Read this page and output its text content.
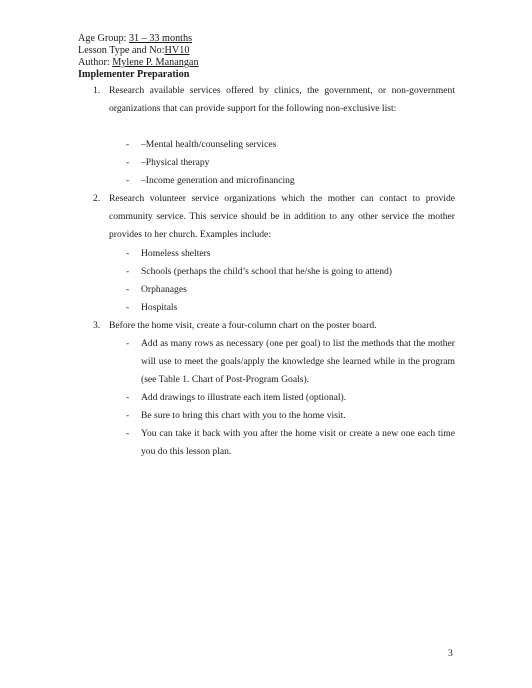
Age Group: 31 – 33 months
Lesson Type and No:HV10
Author: Mylene P. Manangan
Implementer Preparation
1. Research available services offered by clinics, the government, or non-government organizations that can provide support for the following non-exclusive list:
- –Mental health/counseling services
- –Physical therapy
- –Income generation and microfinancing
2. Research volunteer service organizations which the mother can contact to provide community service. This service should be in addition to any other service the mother provides to her church. Examples include:
- Homeless shelters
- Schools (perhaps the child’s school that he/she is going to attend)
- Orphanages
- Hospitals
3. Before the home visit, create a four-column chart on the poster board.
- Add as many rows as necessary (one per goal) to list the methods that the mother will use to meet the goals/apply the knowledge she learned while in the program (see Table 1. Chart of Post-Program Goals).
- Add drawings to illustrate each item listed (optional).
- Be sure to bring this chart with you to the home visit.
- You can take it back with you after the home visit or create a new one each time you do this lesson plan.
3
